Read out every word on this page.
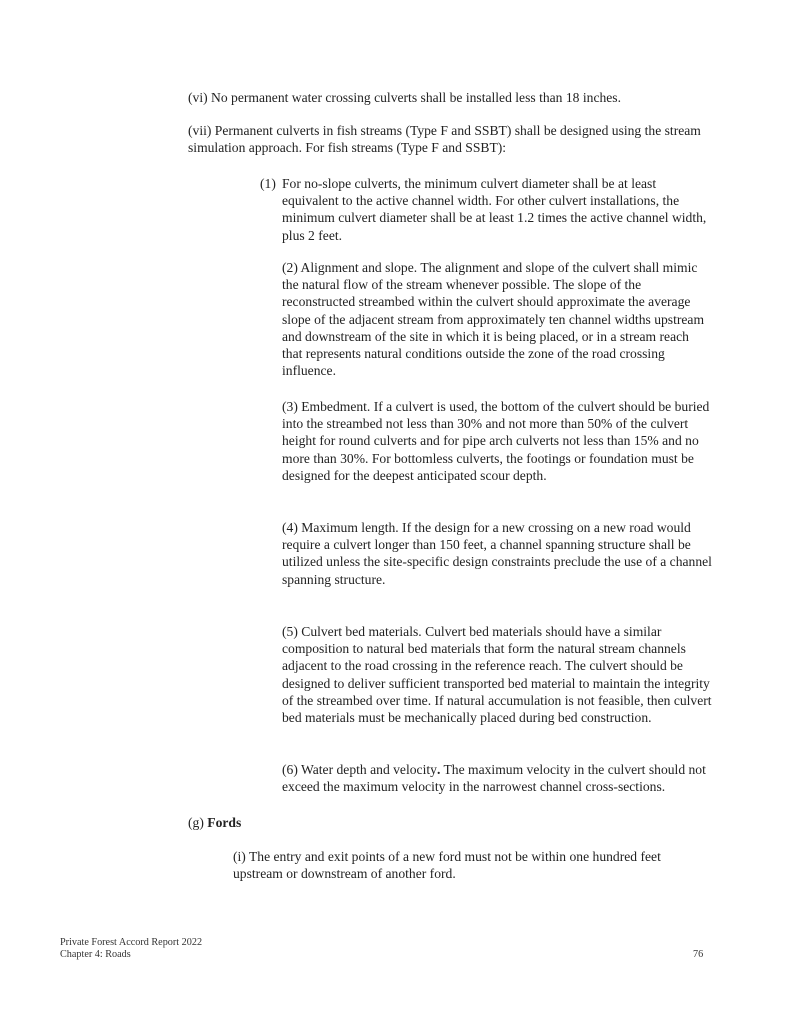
(vi) No permanent water crossing culverts shall be installed less than 18 inches.

(vii) Permanent culverts in fish streams (Type F and SSBT) shall be designed using the stream simulation approach. For fish streams (Type F and SSBT):

(1) For no-slope culverts, the minimum culvert diameter shall be at least equivalent to the active channel width. For other culvert installations, the minimum culvert diameter shall be at least 1.2 times the active channel width, plus 2 feet.

(2) Alignment and slope. The alignment and slope of the culvert shall mimic the natural flow of the stream whenever possible. The slope of the reconstructed streambed within the culvert should approximate the average slope of the adjacent stream from approximately ten channel widths upstream and downstream of the site in which it is being placed, or in a stream reach that represents natural conditions outside the zone of the road crossing influence.

(3) Embedment. If a culvert is used, the bottom of the culvert should be buried into the streambed not less than 30% and not more than 50% of the culvert height for round culverts and for pipe arch culverts not less than 15% and no more than 30%. For bottomless culverts, the footings or foundation must be designed for the deepest anticipated scour depth.

(4) Maximum length. If the design for a new crossing on a new road would require a culvert longer than 150 feet, a channel spanning structure shall be utilized unless the site-specific design constraints preclude the use of a channel spanning structure.

(5) Culvert bed materials. Culvert bed materials should have a similar composition to natural bed materials that form the natural stream channels adjacent to the road crossing in the reference reach. The culvert should be designed to deliver sufficient transported bed material to maintain the integrity of the streambed over time. If natural accumulation is not feasible, then culvert bed materials must be mechanically placed during bed construction.

(6) Water depth and velocity. The maximum velocity in the culvert should not exceed the maximum velocity in the narrowest channel cross-sections.

(g) Fords

(i) The entry and exit points of a new ford must not be within one hundred feet upstream or downstream of another ford.

Private Forest Accord Report 2022
Chapter 4: Roads	76
